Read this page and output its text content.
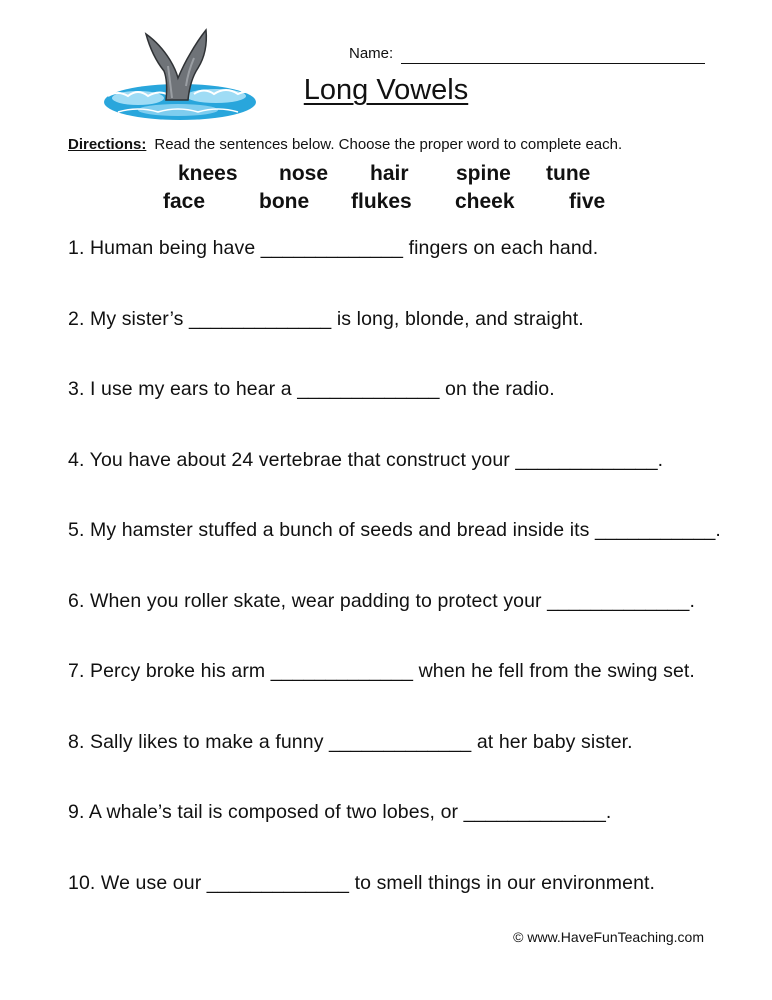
Name:
Long Vowels
Directions: Read the sentences below. Choose the proper word to complete each.
knees nose hair spine tune
face	bone flukes cheek	five
1. Human being have _____________ fingers on each hand.
2. My sister’s _____________ is long, blonde, and straight.
3. I use my ears to hear a _____________ on the radio.
4. You have about 24 vertebrae that construct your _____________.
5. My hamster stuffed a bunch of seeds and bread inside its ___________.
6. When you roller skate, wear padding to protect your _____________.
7. Percy broke his arm _____________ when he fell from the swing set.
8. Sally likes to make a funny _____________ at her baby sister.
9. A whale’s tail is composed of two lobes, or _____________.
10. We use our _____________ to smell things in our environment.
© www.HaveFunTeaching.com
